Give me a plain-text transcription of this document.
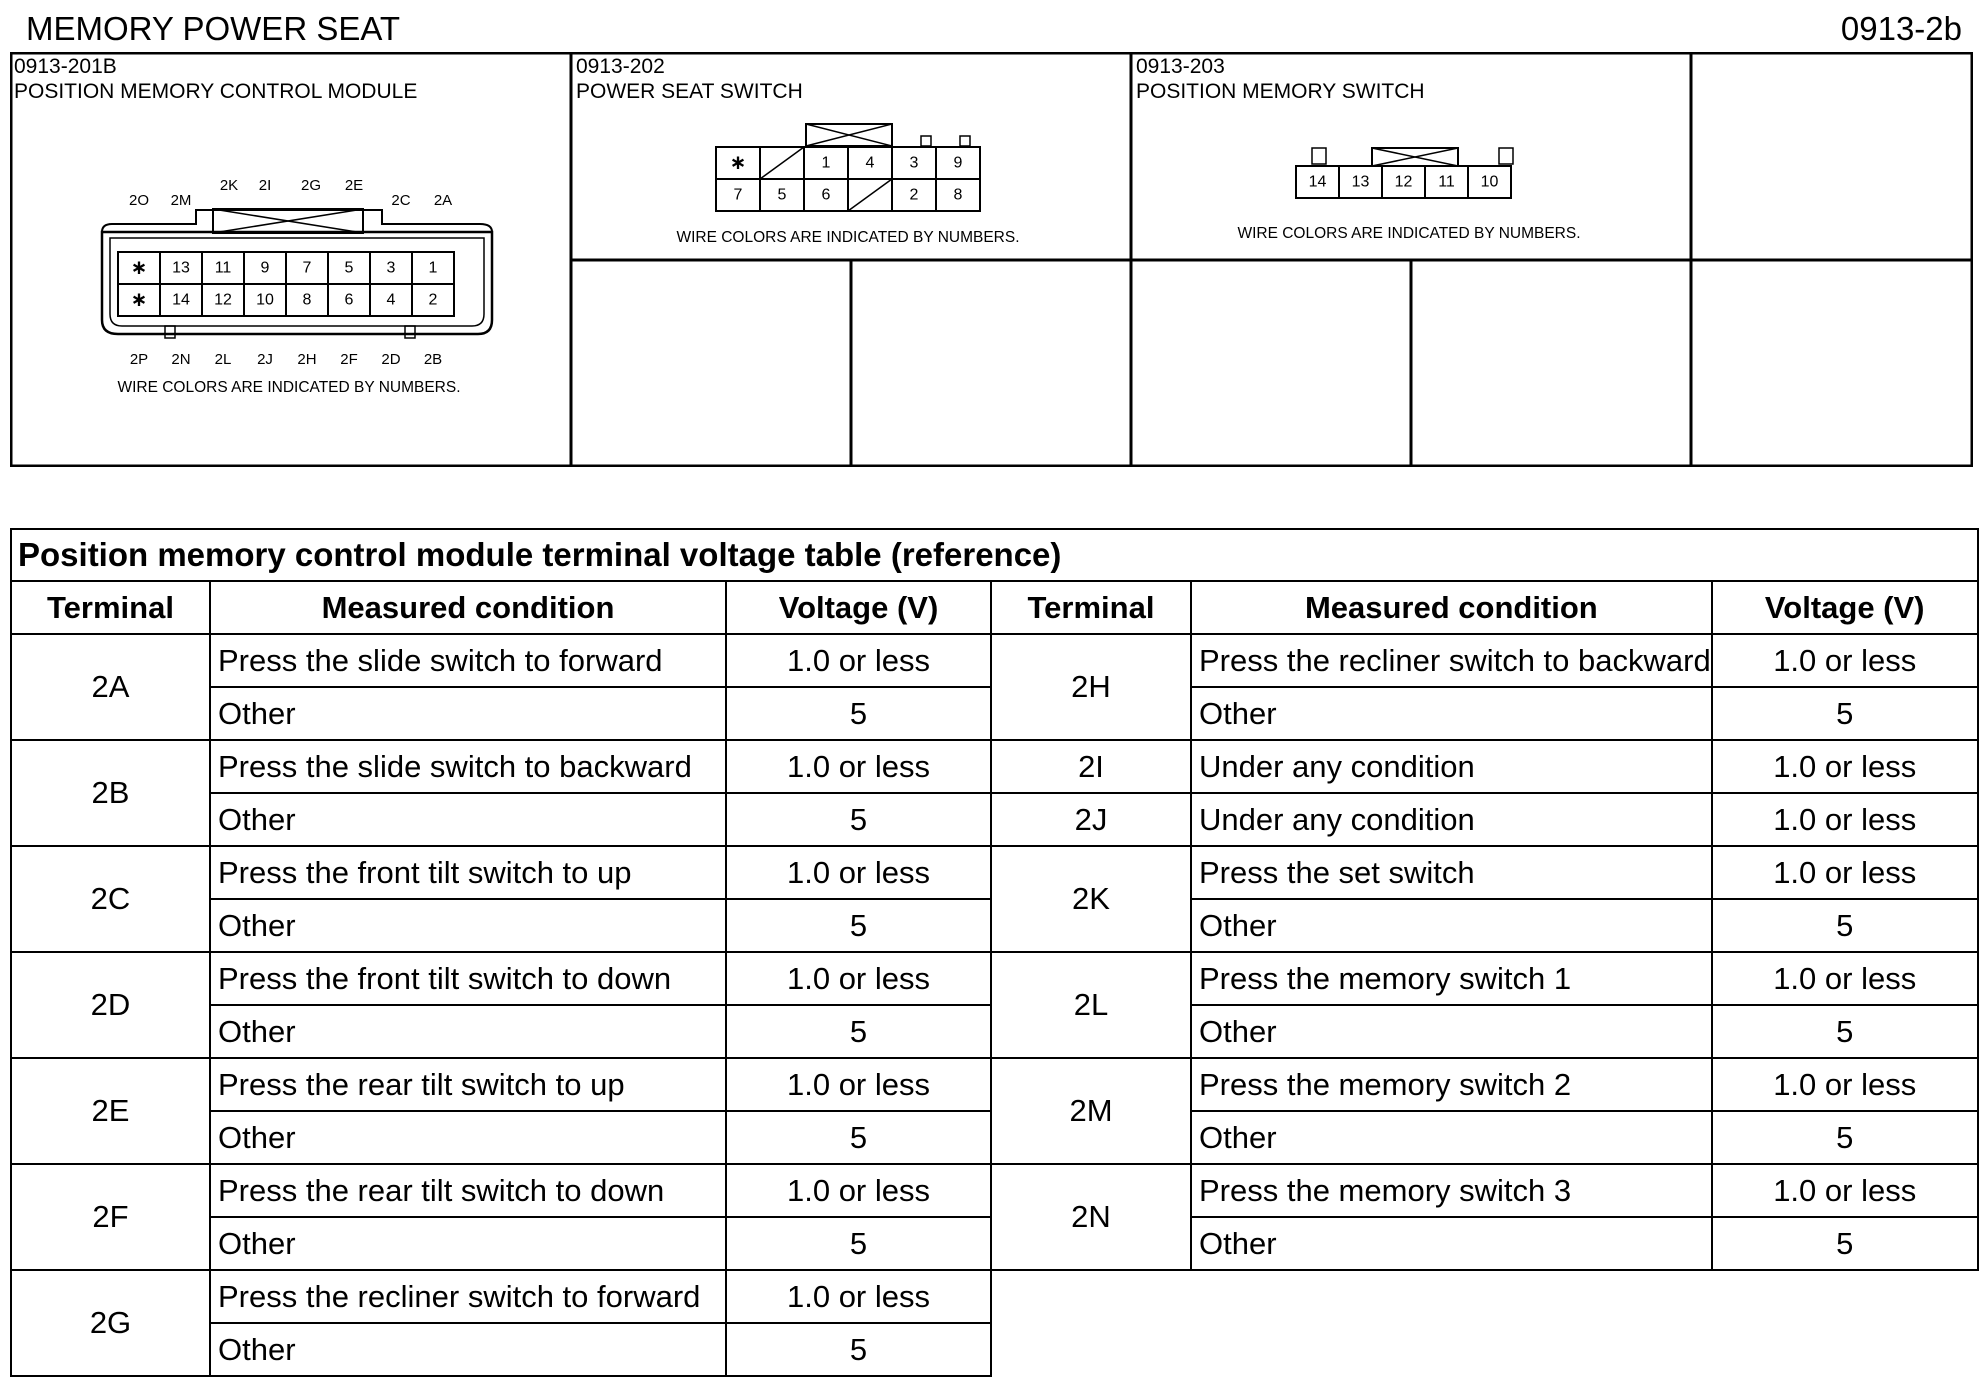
MEMORY POWER SEAT	0913-2b
0913-201B
POSITION MEMORY CONTROL MODULE
0913-202
POWER SEAT SWITCH
0913-203
POSITION MEMORY SWITCH
∗ 13 11 9 7 5 3 1
∗ 14 12 10 8 6 4 2
2O 2M
2K 2I 2G 2E
2C 2A
2P 2N 2L 2J 2H 2F 2D 2B
WIRE COLORS ARE INDICATED BY NUMBERS.
∗	1 4 3 9
7 5 6	2 8
WIRE COLORS ARE INDICATED BY NUMBERS.
14 13 12 11 10
WIRE COLORS ARE INDICATED BY NUMBERS.
Position memory control module terminal voltage table (reference)					
Terminal	Measured condition	Voltage (V)	Terminal	Measured condition	Voltage (V)
2A	Press the slide switch to forward	1.0 or less	2H	Press the recliner switch to backward	1.0 or less
	Other	5		Other	5
2B	Press the slide switch to backward	1.0 or less	2I	Under any condition	1.0 or less
	Other	5	2J	Under any condition	1.0 or less
2C	Press the front tilt switch to up	1.0 or less	2K	Press the set switch	1.0 or less
	Other	5		Other	5
2D	Press the front tilt switch to down	1.0 or less	2L	Press the memory switch 1	1.0 or less
	Other	5		Other	5
2E	Press the rear tilt switch to up	1.0 or less	2M	Press the memory switch 2	1.0 or less
	Other	5		Other	5
2F	Press the rear tilt switch to down	1.0 or less	2N	Press the memory switch 3	1.0 or less
	Other	5		Other	5
2G	Press the recliner switch to forward	1.0 or less			
	Other	5			
